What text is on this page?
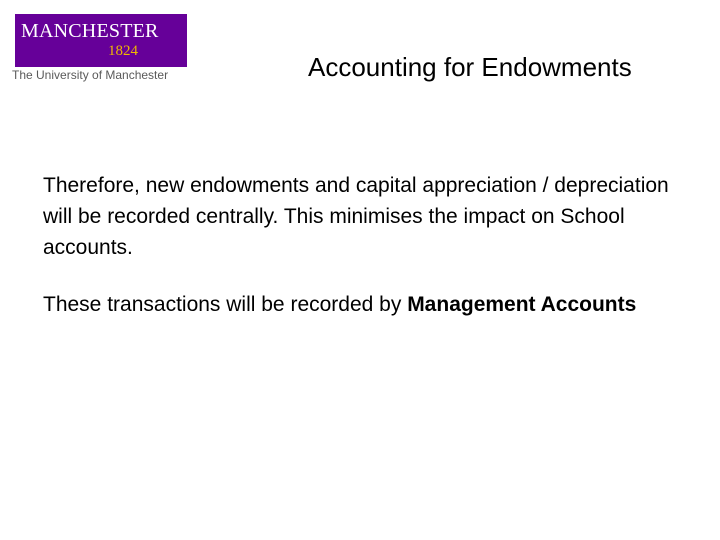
MANCHESTER
1824
The University of Manchester	Accounting for Endowments

Therefore, new endowments and capital appreciation / depreciation will be recorded centrally. This minimises the impact on School accounts.

These transactions will be recorded by Management Accounts
